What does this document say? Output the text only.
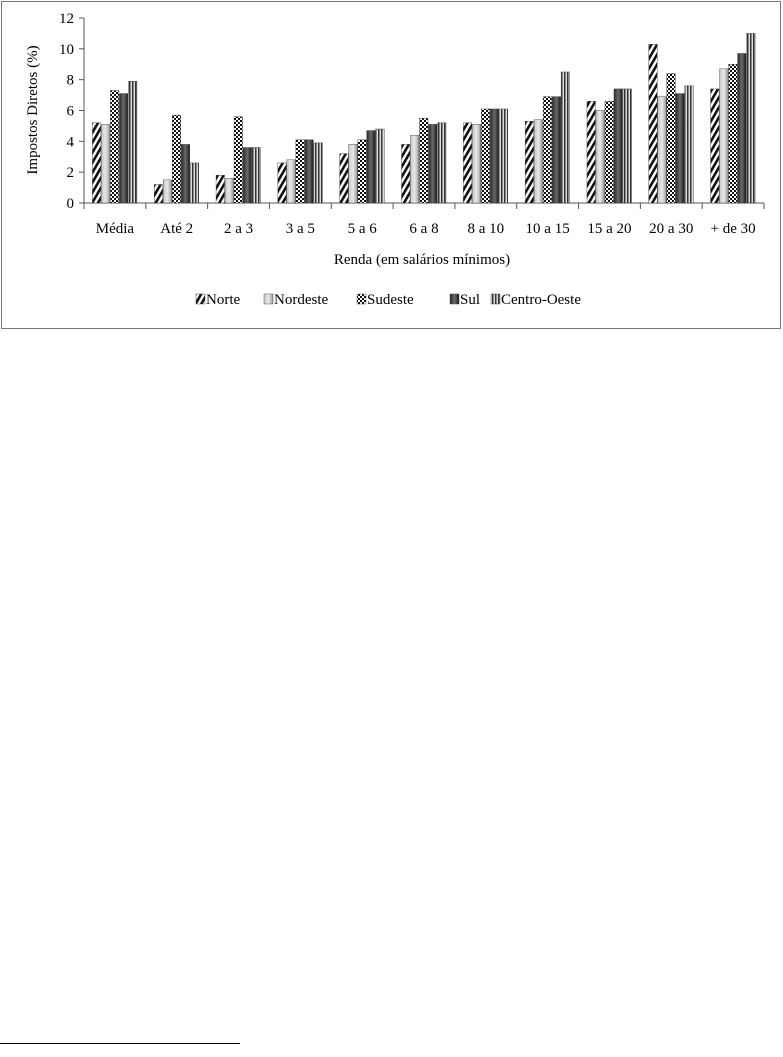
0
2
4
6
8
10
12
Média Até 2 2 a 3 3 a 5 5 a 6 6 a 8 8 a 10 10 a 15 15 a 20 20 a 30 + de 30
Impostos Diretos (%)
Renda (em salários mínimos)
Norte Nordeste	Sudeste	Sul Centro-Oeste
